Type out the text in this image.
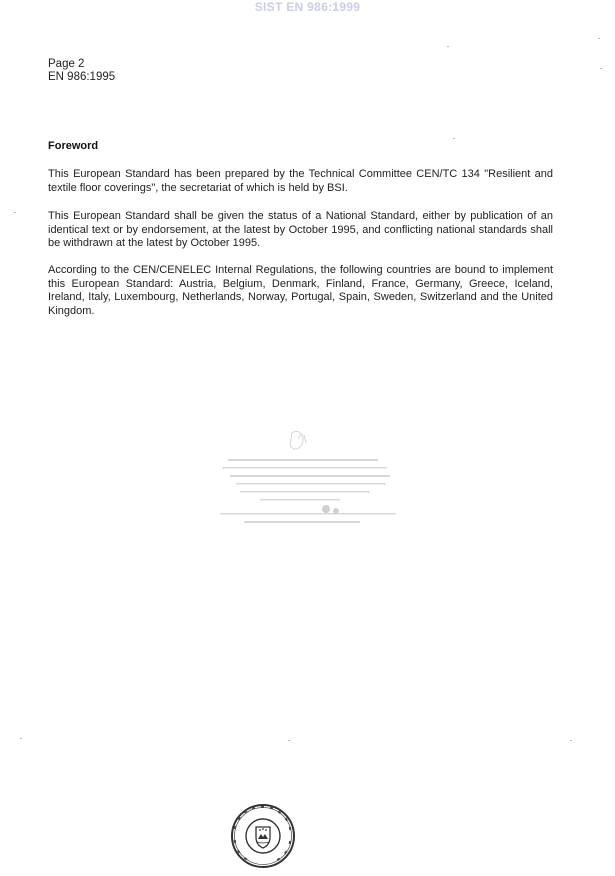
SIST EN 986:1999
Page 2
EN 986:1995
Foreword

This European Standard has been prepared by the Technical Committee CEN/TC 134 "Resilient and textile floor coverings", the secretariat of which is held by BSI.

This European Standard shall be given the status of a National Standard, either by publication of an identical text or by endorsement, at the latest by October 1995, and conflicting national standards shall be withdrawn at the latest by October 1995.

According to the CEN/CENELEC Internal Regulations, the following countries are bound to implement this European Standard: Austria, Belgium, Denmark, Finland, France, Germany, Greece, Iceland, Ireland, Italy, Luxembourg, Netherlands, Norway, Portugal, Spain, Sweden, Switzerland and the United Kingdom.
